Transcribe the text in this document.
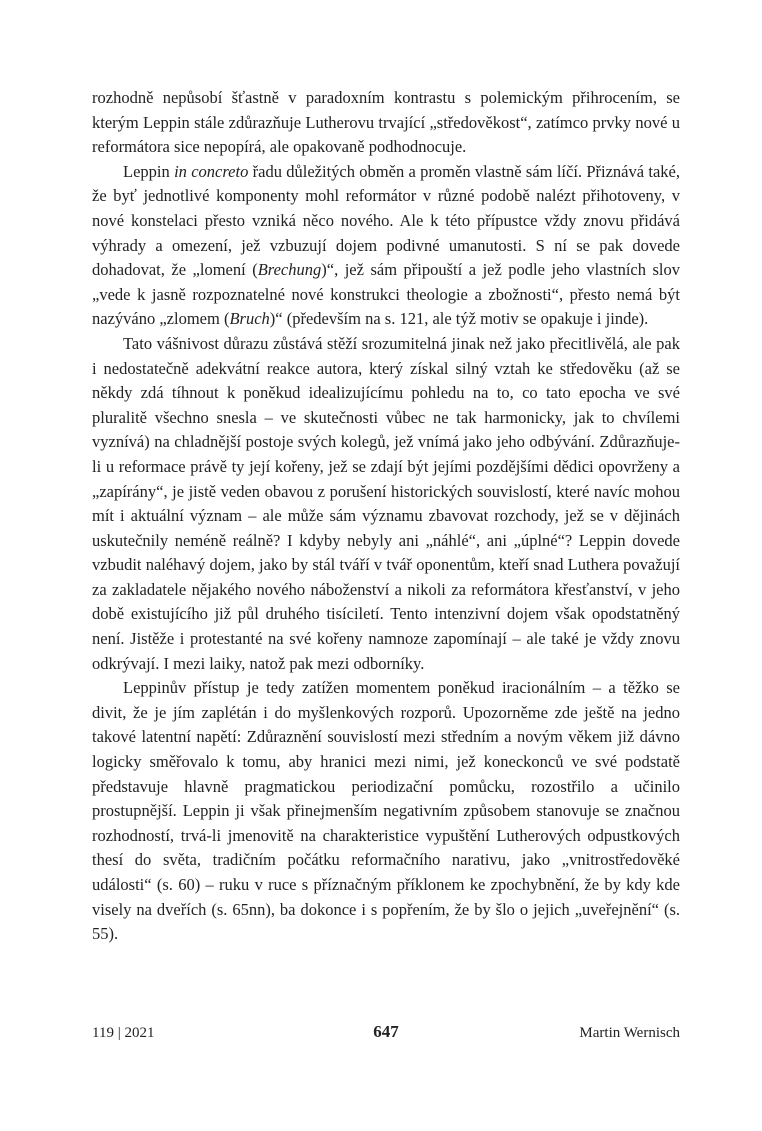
rozhodně nepůsobí šťastně v paradoxním kontrastu s polemickým přihrocením, se kterým Leppin stále zdůrazňuje Lutherovu trvající „středověkost“, zatímco prvky nové u reformátora sice nepopírá, ale opakovaně podhodnocuje.

Leppin in concreto řadu důležitých obměn a proměn vlastně sám líčí. Přiznává také, že byť jednotlivé komponenty mohl reformátor v různé podobě nalézt přihotoveny, v nové konstelaci přesto vzniká něco nového. Ale k této přípustce vždy znovu přidává výhrady a omezení, jež vzbuzují dojem podivné umanutosti. S ní se pak dovede dohadovat, že „lomení (Brechung)“, jež sám připouští a jež podle jeho vlastních slov „vede k jasně rozpoznatelné nové konstrukci theologie a zbožnosti“, přesto nemá být nazýváno „zlomem (Bruch)“ (především na s. 121, ale týž motiv se opakuje i jinde).

Tato vášnivost důrazu zůstává stěží srozumitelná jinak než jako přecitlivělá, ale pak i nedostatečně adekvátní reakce autora, který získal silný vztah ke středověku (až se někdy zdá tíhnout k poněkud idealizujícímu pohledu na to, co tato epocha ve své pluralitě všechno snesla – ve skutečnosti vůbec ne tak harmonicky, jak to chvílemi vyznívá) na chladnější postoje svých kolegů, jež vnímá jako jeho odbývání. Zdůrazňuje-li u reformace právě ty její kořeny, jež se zdají být jejími pozdějšími dědici opovrženy a „zapírány“, je jistě veden obavou z porušení historických souvislostí, které navíc mohou mít i aktuální význam – ale může sám významu zbavovat rozchody, jež se v dějinách uskutečnily neméně reálně? I kdyby nebyly ani „náhlé“, ani „úplné“? Leppin dovede vzbudit naléhavý dojem, jako by stál tváří v tvář oponentům, kteří snad Luthera považují za zakladatele nějakého nového náboženství a nikoli za reformátora křesťanství, v jeho době existujícího již půl druhého tisíciletí. Tento intenzivní dojem však opodstatněný není. Jistěže i protestanté na své kořeny namnoze zapomínají – ale také je vždy znovu odkrývají. I mezi laiky, natož pak mezi odborníky.

Leppinův přístup je tedy zatížen momentem poněkud iracionálním – a těžko se divit, že je jím zaplétán i do myšlenkových rozporů. Upozorněme zde ještě na jedno takové latentní napětí: Zdůraznění souvislostí mezi středním a novým věkem již dávno logicky směřovalo k tomu, aby hranici mezi nimi, jež koneckonců ve své podstatě představuje hlavně pragmatickou periodizační pomůcku, rozostřilo a učinilo prostupnější. Leppin ji však přinejmenším negativním způsobem stanovuje se značnou rozhodností, trvá-li jmenovitě na charakteristice vypuštění Lutherových odpustkových thesí do světa, tradičním počátku reformačního narativu, jako „vnitrostředověké události“ (s. 60) – ruku v ruce s příznačným příklonem ke zpochybnění, že by kdy kde visely na dveřích (s. 65nn), ba dokonce i s popřením, že by šlo o jejich „uveřejnění“ (s. 55).

119 | 2021	647	Martin Wernisch
